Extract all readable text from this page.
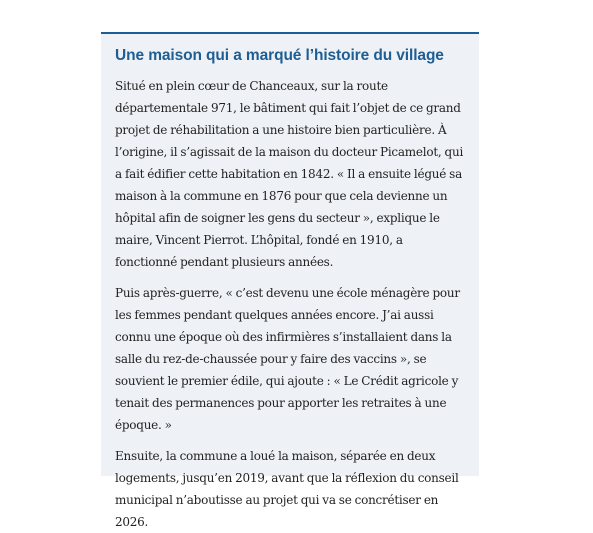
Une maison qui a marqué l’histoire du village

Situé en plein cœur de Chanceaux, sur la route départementale 971, le bâtiment qui fait l’objet de ce grand projet de réhabilitation a une histoire bien particulière. À l’origine, il s’agissait de la maison du docteur Picamelot, qui a fait édifier cette habitation en 1842. « Il a ensuite légué sa maison à la commune en 1876 pour que cela devienne un hôpital afin de soigner les gens du secteur », explique le maire, Vincent Pierrot. L’hôpital, fondé en 1910, a fonctionné pendant plusieurs années.

Puis après-guerre, « c’est devenu une école ménagère pour les femmes pendant quelques années encore. J’ai aussi connu une époque où des infirmières s’installaient dans la salle du rez-de-chaussée pour y faire des vaccins », se souvient le premier édile, qui ajoute : « Le Crédit agricole y tenait des permanences pour apporter les retraites à une époque. »

Ensuite, la commune a loué la maison, séparée en deux logements, jusqu’en 2019, avant que la réflexion du conseil municipal n’aboutisse au projet qui va se concrétiser en 2026.
